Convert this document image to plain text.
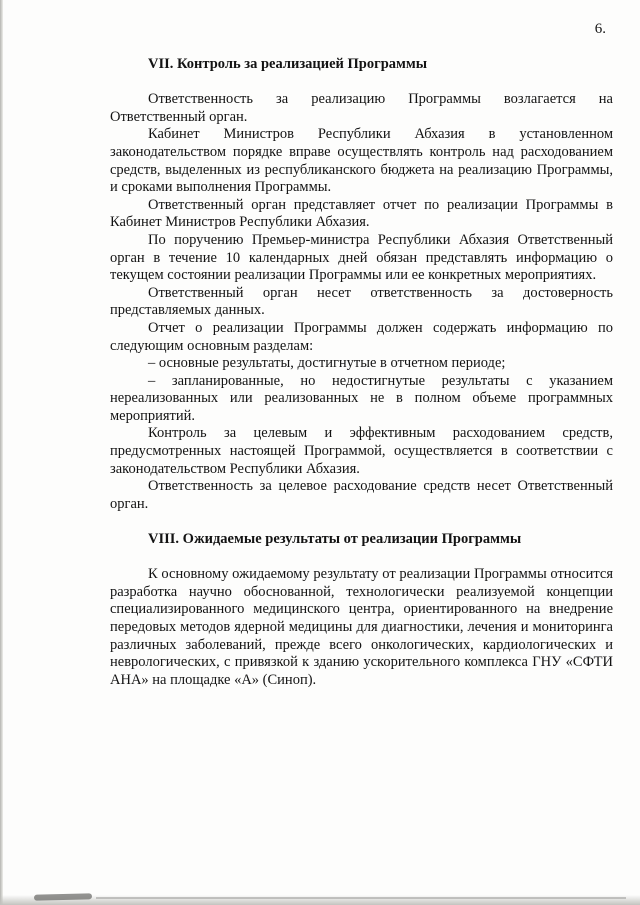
6.
VII. Контроль за реализацией Программы

Ответственность за реализацию Программы возлагается на Ответственный орган.

Кабинет Министров Республики Абхазия в установленном законодательством порядке вправе осуществлять контроль над расходованием средств, выделенных из республиканского бюджета на реализацию Программы, и сроками выполнения Программы.

Ответственный орган представляет отчет по реализации Программы в Кабинет Министров Республики Абхазия.

По поручению Премьер-министра Республики Абхазия Ответственный орган в течение 10 календарных дней обязан представлять информацию о текущем состоянии реализации Программы или ее конкретных мероприятиях.

Ответственный орган несет ответственность за достоверность представляемых данных.

Отчет о реализации Программы должен содержать информацию по следующим основным разделам:

– основные результаты, достигнутые в отчетном периоде;

– запланированные, но недостигнутые результаты с указанием нереализованных или реализованных не в полном объеме программных мероприятий.

Контроль за целевым и эффективным расходованием средств, предусмотренных настоящей Программой, осуществляется в соответствии с законодательством Республики Абхазия.

Ответственность за целевое расходование средств несет Ответственный орган.

VIII. Ожидаемые результаты от реализации Программы

К основному ожидаемому результату от реализации Программы относится разработка научно обоснованной, технологически реализуемой концепции специализированного медицинского центра, ориентированного на внедрение передовых методов ядерной медицины для диагностики, лечения и мониторинга различных заболеваний, прежде всего онкологических, кардиологических и неврологических, с привязкой к зданию ускорительного комплекса ГНУ «СФТИ АНА» на площадке «А» (Синоп).
